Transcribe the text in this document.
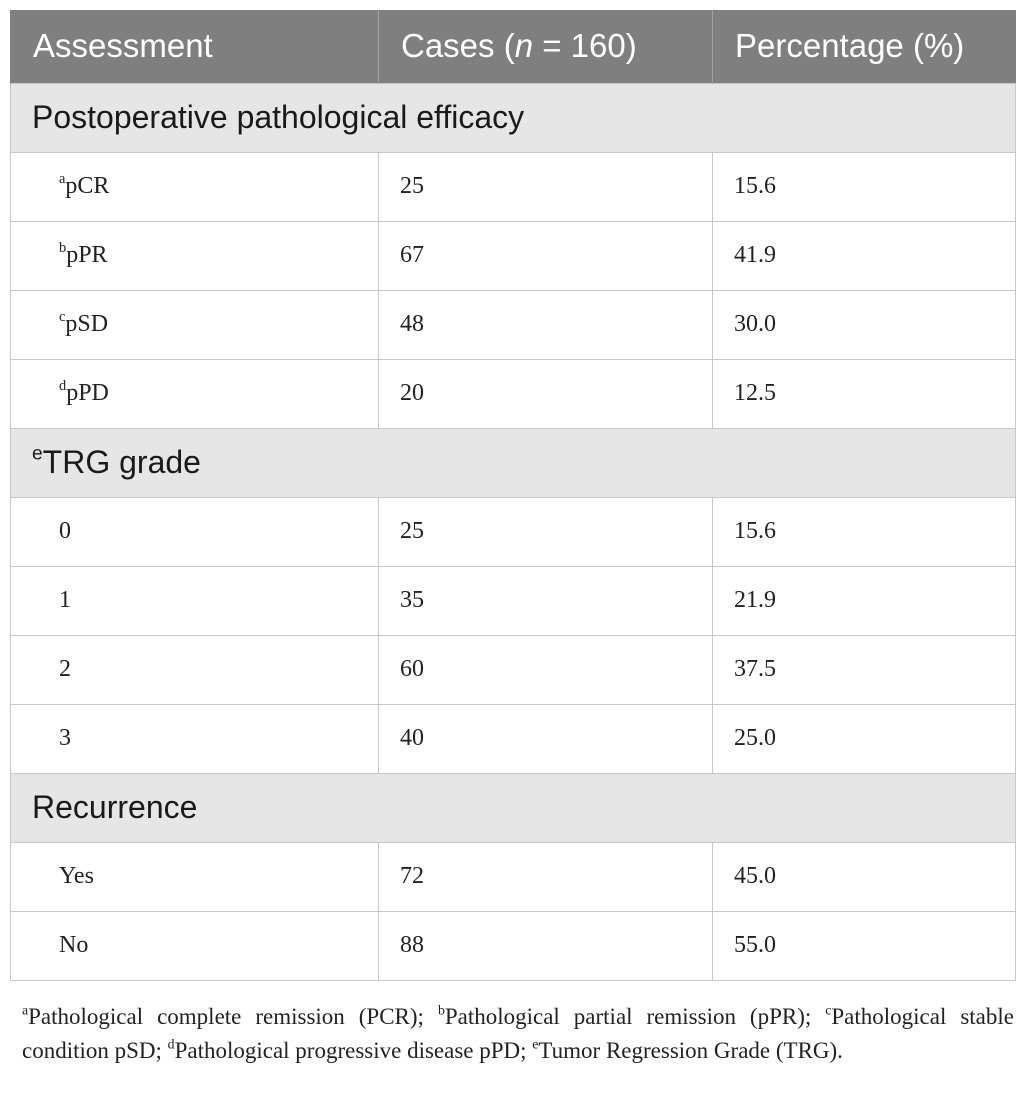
Assessment	Cases (n = 160)	Percentage (%)
Postoperative pathological efficacy		
$^a$pCR	25	15.6
$^b$pPR	67	41.9
$^c$pSD	48	30.0
$^d$pPD	20	12.5
$^e$TRG grade		
0	25	15.6
1	35	21.9
2	60	37.5
3	40	25.0
Recurrence		
Yes	72	45.0
No	88	55.0
$^a$Pathological complete remission (PCR); $^b$Pathological partial remission (pPR); $^c$Pathological stable condition pSD; $^d$Pathological progressive disease pPD; $^e$Tumor Regression Grade (TRG).
